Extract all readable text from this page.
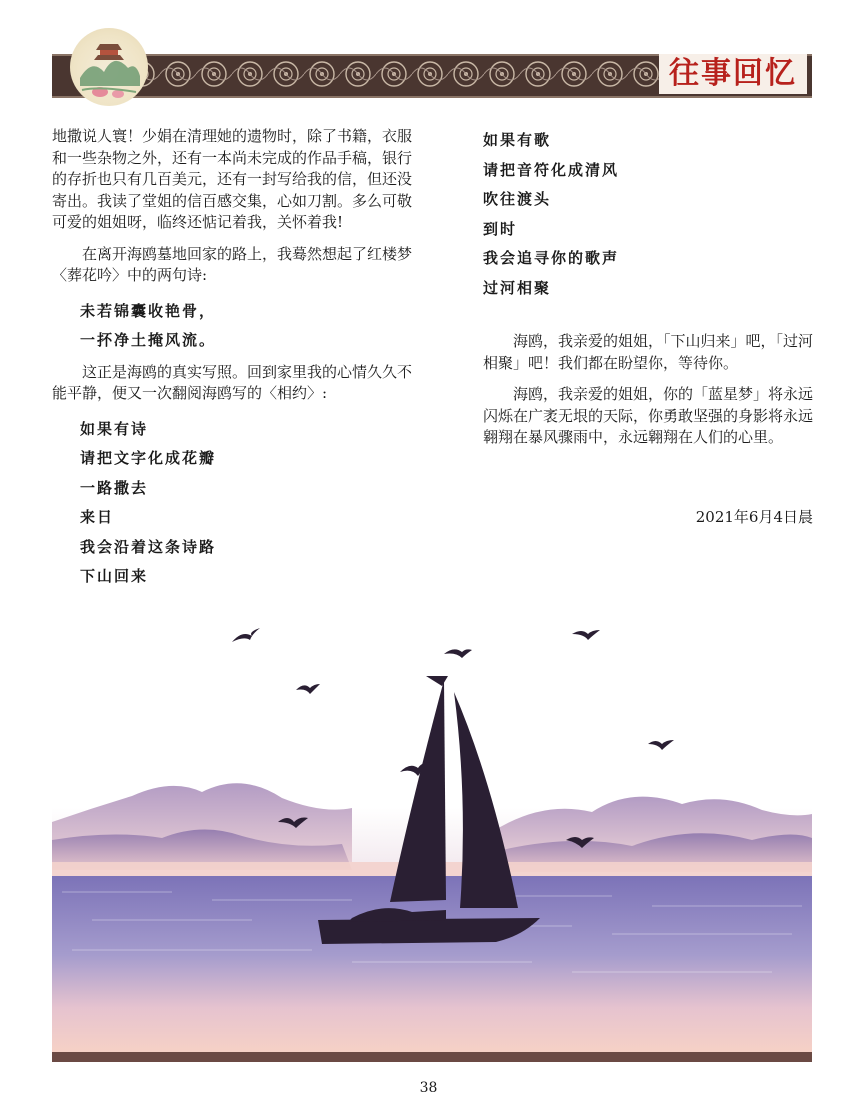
往事回忆

地撒说人寰！少娟在清理她的遗物时，除了书籍，衣服和一些杂物之外，还有一本尚未完成的作品手稿，银行的存折也只有几百美元，还有一封写给我的信，但还没寄出。我读了堂姐的信百感交集，心如刀割。多么可敬可爱的姐姐呀，临终还惦记着我，关怀着我!

在离开海鸥墓地回家的路上，我蓦然想起了红楼梦〈葬花吟〉中的两句诗:

未若锦囊收艳骨，
一抔净土掩风流。

这正是海鸥的真实写照。回到家里我的心情久久不能平静，便又一次翻阅海鸥写的〈相约〉:

如果有诗
请把文字化成花瓣
一路撒去
来日
我会沿着这条诗路
下山回来
如果有歌
请把音符化成清风
吹往渡头
到时
我会追寻你的歌声
过河相聚

海鸥，我亲爱的姐姐，「下山归来」吧，「过河相聚」吧！我们都在盼望你，等待你。

海鸥，我亲爱的姐姐，你的「蓝星梦」将永远闪烁在广袤无垠的天际，你勇敢坚强的身影将永远翱翔在暴风骤雨中，永远翱翔在人们的心里。

2021年6月4日晨
38
